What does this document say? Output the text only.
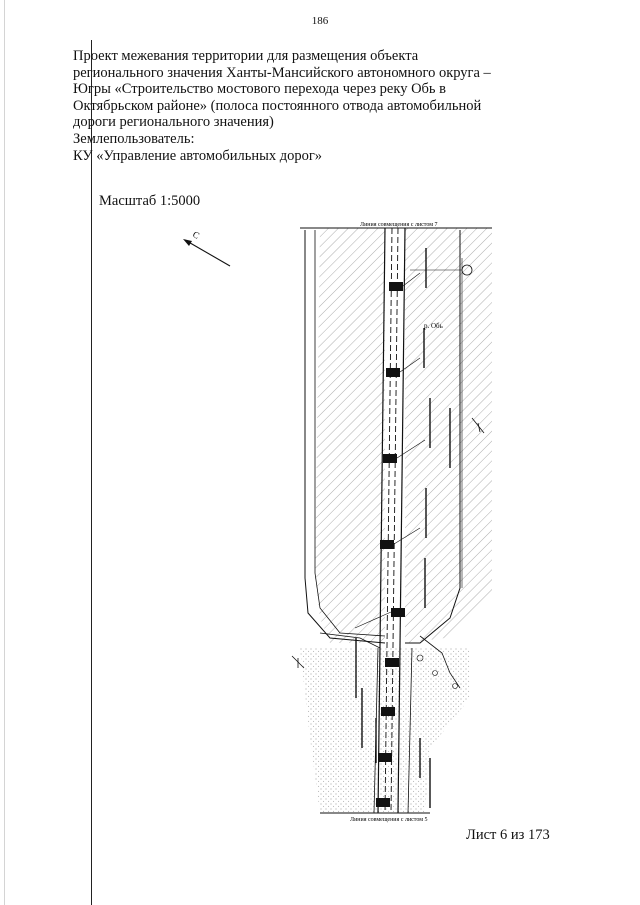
186
Проект межевания территории для размещения объекта
регионального значения Ханты-Мансийского автономного округа –
Югры «Строительство мостового перехода через реку Обь в
Октябрьском районе» (полоса постоянного отвода автомобильной
дороги регионального значения)
Землепользователь:
КУ «Управление автомобильных дорог»
Масштаб 1:5000
С
Линия совмещения с листом 7
Линия совмещения с листом 5
р. Обь
Лист 6 из 173
